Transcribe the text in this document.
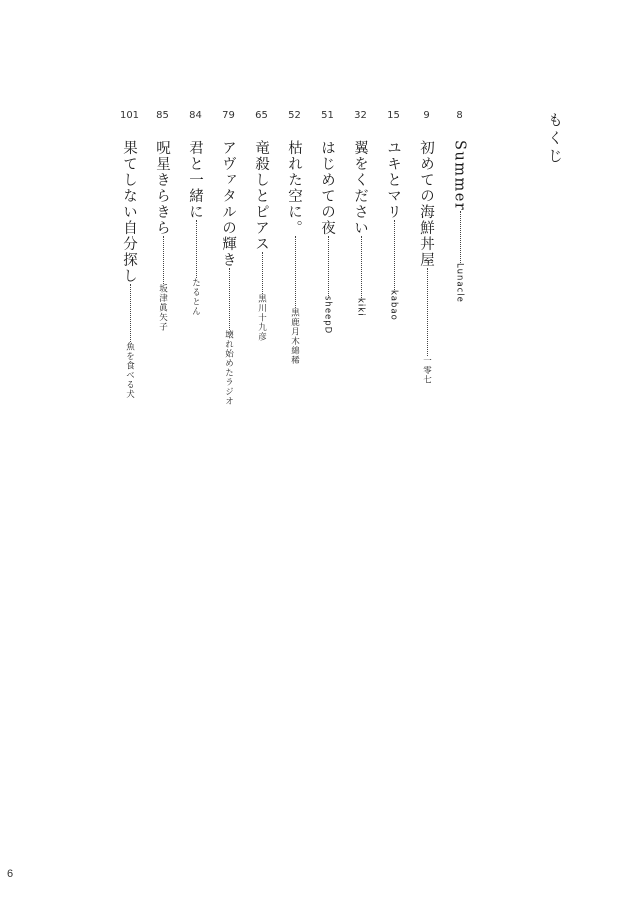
もくじ
8
Summer
Lunacle
9
初めての海鮮丼屋
一零七
15
ユキとマリ
kabao
32
翼をください
kiki
51
はじめての夜
sheepD
52
枯れた空に。
黒鹿月木綿稀
65
竜殺しとピアス
黒川十九彦
79
アヴァタルの輝き
壊れ始めたラジオ
84
君と一緒に
たるとん
85
呪星きらきら
坂津眞矢子
101
果てしない自分探し
魚を食べる犬
6
